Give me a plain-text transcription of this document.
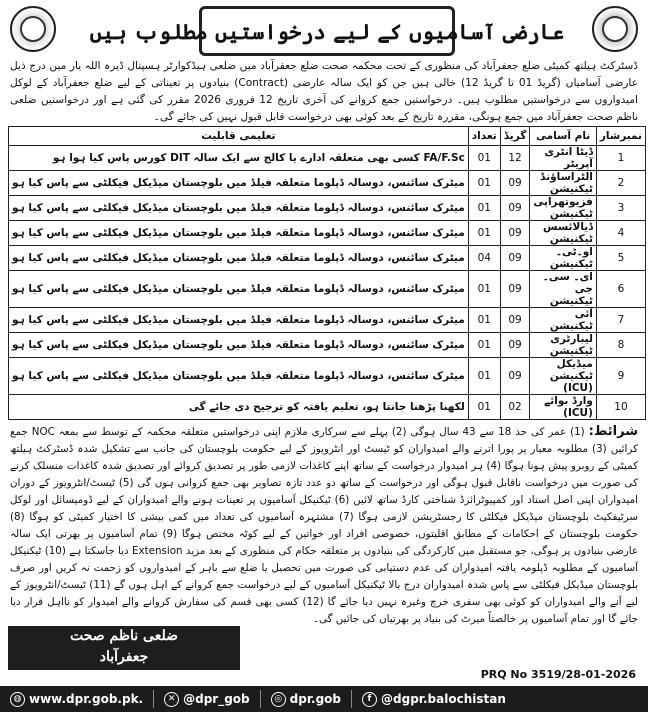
عارضی آسامیوں کے لیے درخواستیں مطلوب ہیں
ڈسٹرکٹ ہیلتھ کمیٹی ضلع جعفرآباد کی منظوری کے تحت محکمہ صحت ضلع جعفرآباد میں ضلعی ہیڈکوارٹر ہسپتال ڈیرہ اللہ یار میں درج ذیل عارضی آسامیاں (گریڈ 01 تا گریڈ 12) خالی ہیں جن کو ایک سالہ عارضی (Contract) بنیادوں پر تعیناتی کے لیے ضلع جعفرآباد کے لوکل امیدواروں سے درخواستیں مطلوب ہیں۔ درخواستیں جمع کروانے کی آخری تاریخ 12 فروری 2026 مقرر کی گئی ہے اور درخواستیں ضلعی ناظم صحت جعفرآباد میں جمع ہونگی، مقررہ تاریخ کے بعد کوئی بھی درخواست قابل قبول نہیں کی جائے گی۔
نمبرشار	نام آسامی	گریڈ	تعداد	تعلیمی قابلیت
1	ڈیٹا انٹری آپریٹر	12	01	FA/F.Sc کسی بھی متعلقہ ادارے یا کالج سے ایک سالہ DIT کورس پاس کیا ہوا ہو
2	الٹراساؤنڈ ٹیکنیشن	09	01	میٹرک سائنس، دوسالہ ڈپلوما متعلقہ فیلڈ میں بلوچستان میڈیکل فیکلٹی سے پاس کیا ہو
3	فزیوتھراپی ٹیکنیشن	09	01	میٹرک سائنس، دوسالہ ڈپلوما متعلقہ فیلڈ میں بلوچستان میڈیکل فیکلٹی سے پاس کیا ہو
4	ڈیالائسس ٹیکنیشن	09	01	میٹرک سائنس، دوسالہ ڈپلوما متعلقہ فیلڈ میں بلوچستان میڈیکل فیکلٹی سے پاس کیا ہو
5	او۔ٹی۔ ٹیکنیشن	09	04	میٹرک سائنس، دوسالہ ڈپلوما متعلقہ فیلڈ میں بلوچستان میڈیکل فیکلٹی سے پاس کیا ہو
6	ای۔ سی۔ جی ٹیکنیشن	09	01	میٹرک سائنس، دوسالہ ڈپلوما متعلقہ فیلڈ میں بلوچستان میڈیکل فیکلٹی سے پاس کیا ہو
7	آئی ٹیکنیشن	09	01	میٹرک سائنس، دوسالہ ڈپلوما متعلقہ فیلڈ میں بلوچستان میڈیکل فیکلٹی سے پاس کیا ہو
8	لیبارٹری ٹیکنیشن	09	01	میٹرک سائنس، دوسالہ ڈپلوما متعلقہ فیلڈ میں بلوچستان میڈیکل فیکلٹی سے پاس کیا ہو
9	میڈیکل ٹیکنیشن (ICU)	09	01	میٹرک سائنس، دوسالہ ڈپلوما متعلقہ فیلڈ میں بلوچستان میڈیکل فیکلٹی سے پاس کیا ہو
10	وارڈ بوائے (ICU)	02	01	لکھنا پڑھنا جانتا ہو، تعلیم یافتہ کو ترجیح دی جائے گی
شرائط: (1) عمر کی حد 18 سے 43 سال ہوگی (2) پہلے سے سرکاری ملازم اپنی درخواستیں متعلقہ محکمہ کے توسط سے بمعہ NOC جمع کرائیں (3) مطلوبہ معیار پر پورا اترنے والے امیدواران کو ٹیسٹ اور انٹرویوز کے لیے حکومت بلوچستان کی جانب سے تشکیل شدہ ڈسٹرکٹ ہیلتھ کمیٹی کے روبرو پیش ہونا ہوگا (4) ہر امیدوار درخواست کے ساتھ اپنے کاغذات لازمی طور پر تصدیق کروائے اور تصدیق شدہ کاغذات منسلک کرنے کی صورت میں درخواست ناقابل قبول ہوگی اور درخواست کے ساتھ دو عدد تازہ تصاویر بھی جمع کروانی ہوں گی (5) ٹیسٹ/انٹرویوز کے دوران امیدواران اپنی اصل اسناد اور کمپیوٹرائزڈ شناختی کارڈ ساتھ لائیں (6) ٹیکنیکل آسامیوں پر تعینات ہونے والے امیدواران کے لیے ڈومیسائل اور لوکل سرٹیفکیٹ بلوچستان میڈیکل فیکلٹی کا رجسٹریشن لازمی ہوگا (7) مشتہرہ آسامیوں کی تعداد میں کمی بیشی کا اختیار کمیٹی کو ہوگا (8) حکومت بلوچستان کے احکامات کے مطابق اقلیتوں، خصوصی افراد اور خواتین کے لیے کوٹہ مختص ہوگا (9) تمام آسامیوں پر بھرتی ایک سالہ عارضی بنیادوں پر ہوگی، جو مستقبل میں کارکردگی کی بنیادوں پر متعلقہ حکام کی منظوری کے بعد مزید Extension دیا جاسکتا ہے (10) ٹیکنیکل آسامیوں کے مطلوبہ ڈپلومہ یافتہ امیدواران کی عدم دستیابی کی صورت میں تحصیل یا ضلع سے باہر کے امیدواروں کو زحمت نہ کریں اور صرف بلوچستان میڈیکل فیکلٹی سے پاس شدہ امیدواران درج بالا ٹیکنیکل آسامیوں کے لیے درخواست جمع کروانے کے اہل ہوں گے (11) ٹیسٹ/انٹرویوز کے لیے آنے والے امیدواران کو کوئی بھی سفری خرچ وغیرہ نہیں دیا جائے گا (12) کسی بھی قسم کی سفارش کروانے والے امیدوار کو نااہل قرار دیا جائے گا اور تمام آسامیوں پر خالصتاً میرٹ کی بنیاد پر بھرتیاں کی جائیں گی۔
ضلعی ناظم صحت
جعفرآباد
PRQ No 3519/28-01-2026
◍ www.dpr.gob.pk.	✕ @dpr_gob	◎ dpr.gob	f @dgpr.balochistan
